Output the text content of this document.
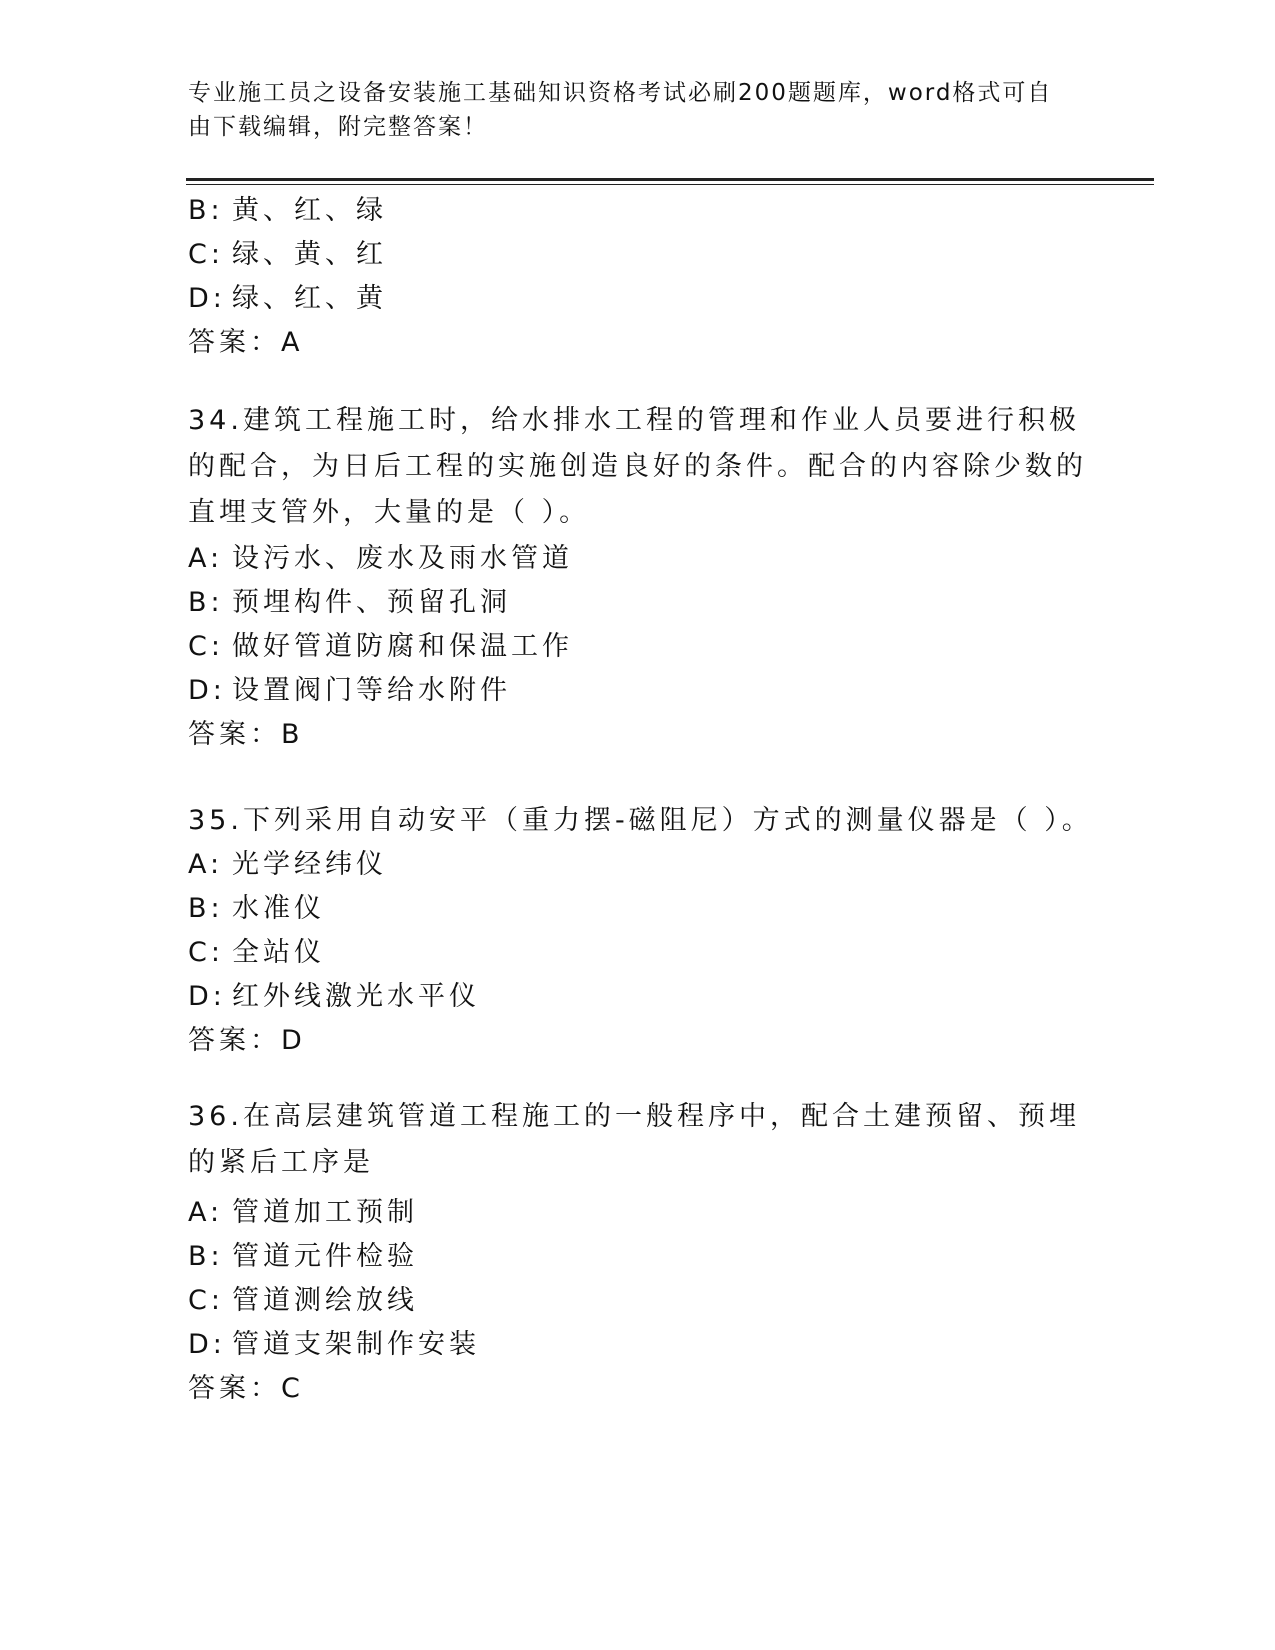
专业施工员之设备安装施工基础知识资格考试必刷200题题库，word格式可自由下载编辑，附完整答案！
B: 黄、红、绿
C: 绿、黄、红
D: 绿、红、黄
答案：A
34.建筑工程施工时，给水排水工程的管理和作业人员要进行积极的配合，为日后工程的实施创造良好的条件。配合的内容除少数的直埋支管外，大量的是（ ）。
A: 设污水、废水及雨水管道
B: 预埋构件、预留孔洞
C: 做好管道防腐和保温工作
D: 设置阀门等给水附件
答案：B
35.下列采用自动安平（重力摆-磁阻尼）方式的测量仪器是（ ）。
A: 光学经纬仪
B: 水准仪
C: 全站仪
D: 红外线激光水平仪
答案：D
36.在高层建筑管道工程施工的一般程序中，配合土建预留、预埋的紧后工序是
A: 管道加工预制
B: 管道元件检验
C: 管道测绘放线
D: 管道支架制作安装
答案：C
